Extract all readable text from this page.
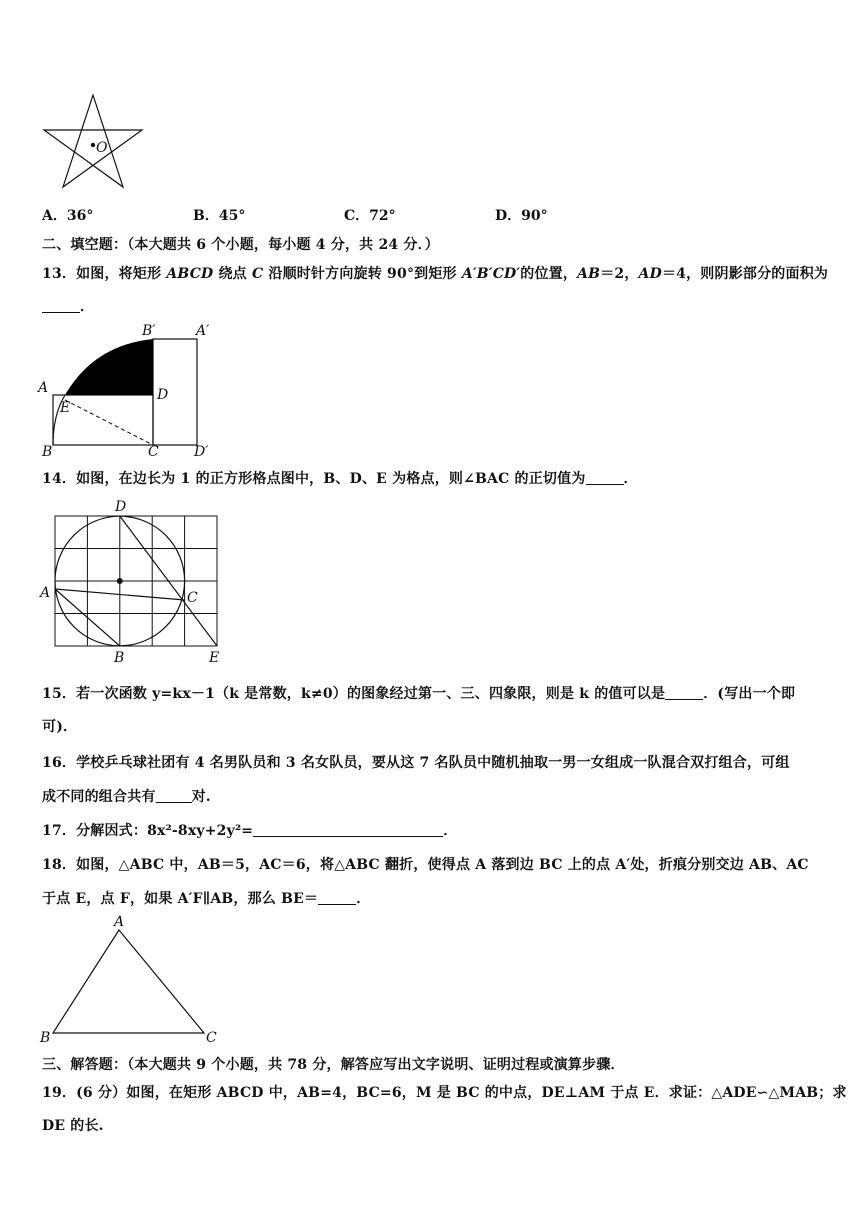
O
A．36°	B．45°	C．72°	D．90°
二、填空题：（本大题共 6 个小题，每小题 4 分，共 24 分．）
13．如图，将矩形 ABCD 绕点 C 沿顺时针方向旋转 90°到矩形 A′B′CD′的位置，AB＝2，AD＝4，则阴影部分的面积为
．
A
E
B	C
D
D′
B′	A′
14．如图，在边长为 1 的正方形格点图中，B、D、E 为格点，则∠BAC 的正切值为	．
D
A	C
B	E
15．若一次函数 y=kx－1（k 是常数，k≠0）的图象经过第一、三、四象限，则是 k 的值可以是	．(写出一个即
可)．
16．学校乒乓球社团有 4 名男队员和 3 名女队员，要从这 7 名队员中随机抽取一男一女组成一队混合双打组合，可组
成不同的组合共有	对.
17．分解因式：8x²-8xy+2y²=	．
18．如图，△ABC 中，AB＝5，AC＝6，将△ABC 翻折，使得点 A 落到边 BC 上的点 A′处，折痕分别交边 AB、AC
于点 E，点 F，如果 A′F∥AB，那么 BE＝	．
A
B	C
三、解答题：（本大题共 9 个小题，共 78 分，解答应写出文字说明、证明过程或演算步骤．
19．(6 分）如图，在矩形 ABCD 中，AB=4，BC=6，M 是 BC 的中点，DE⊥AM 于点 E．求证：△ADE∽△MAB；求
DE 的长.
